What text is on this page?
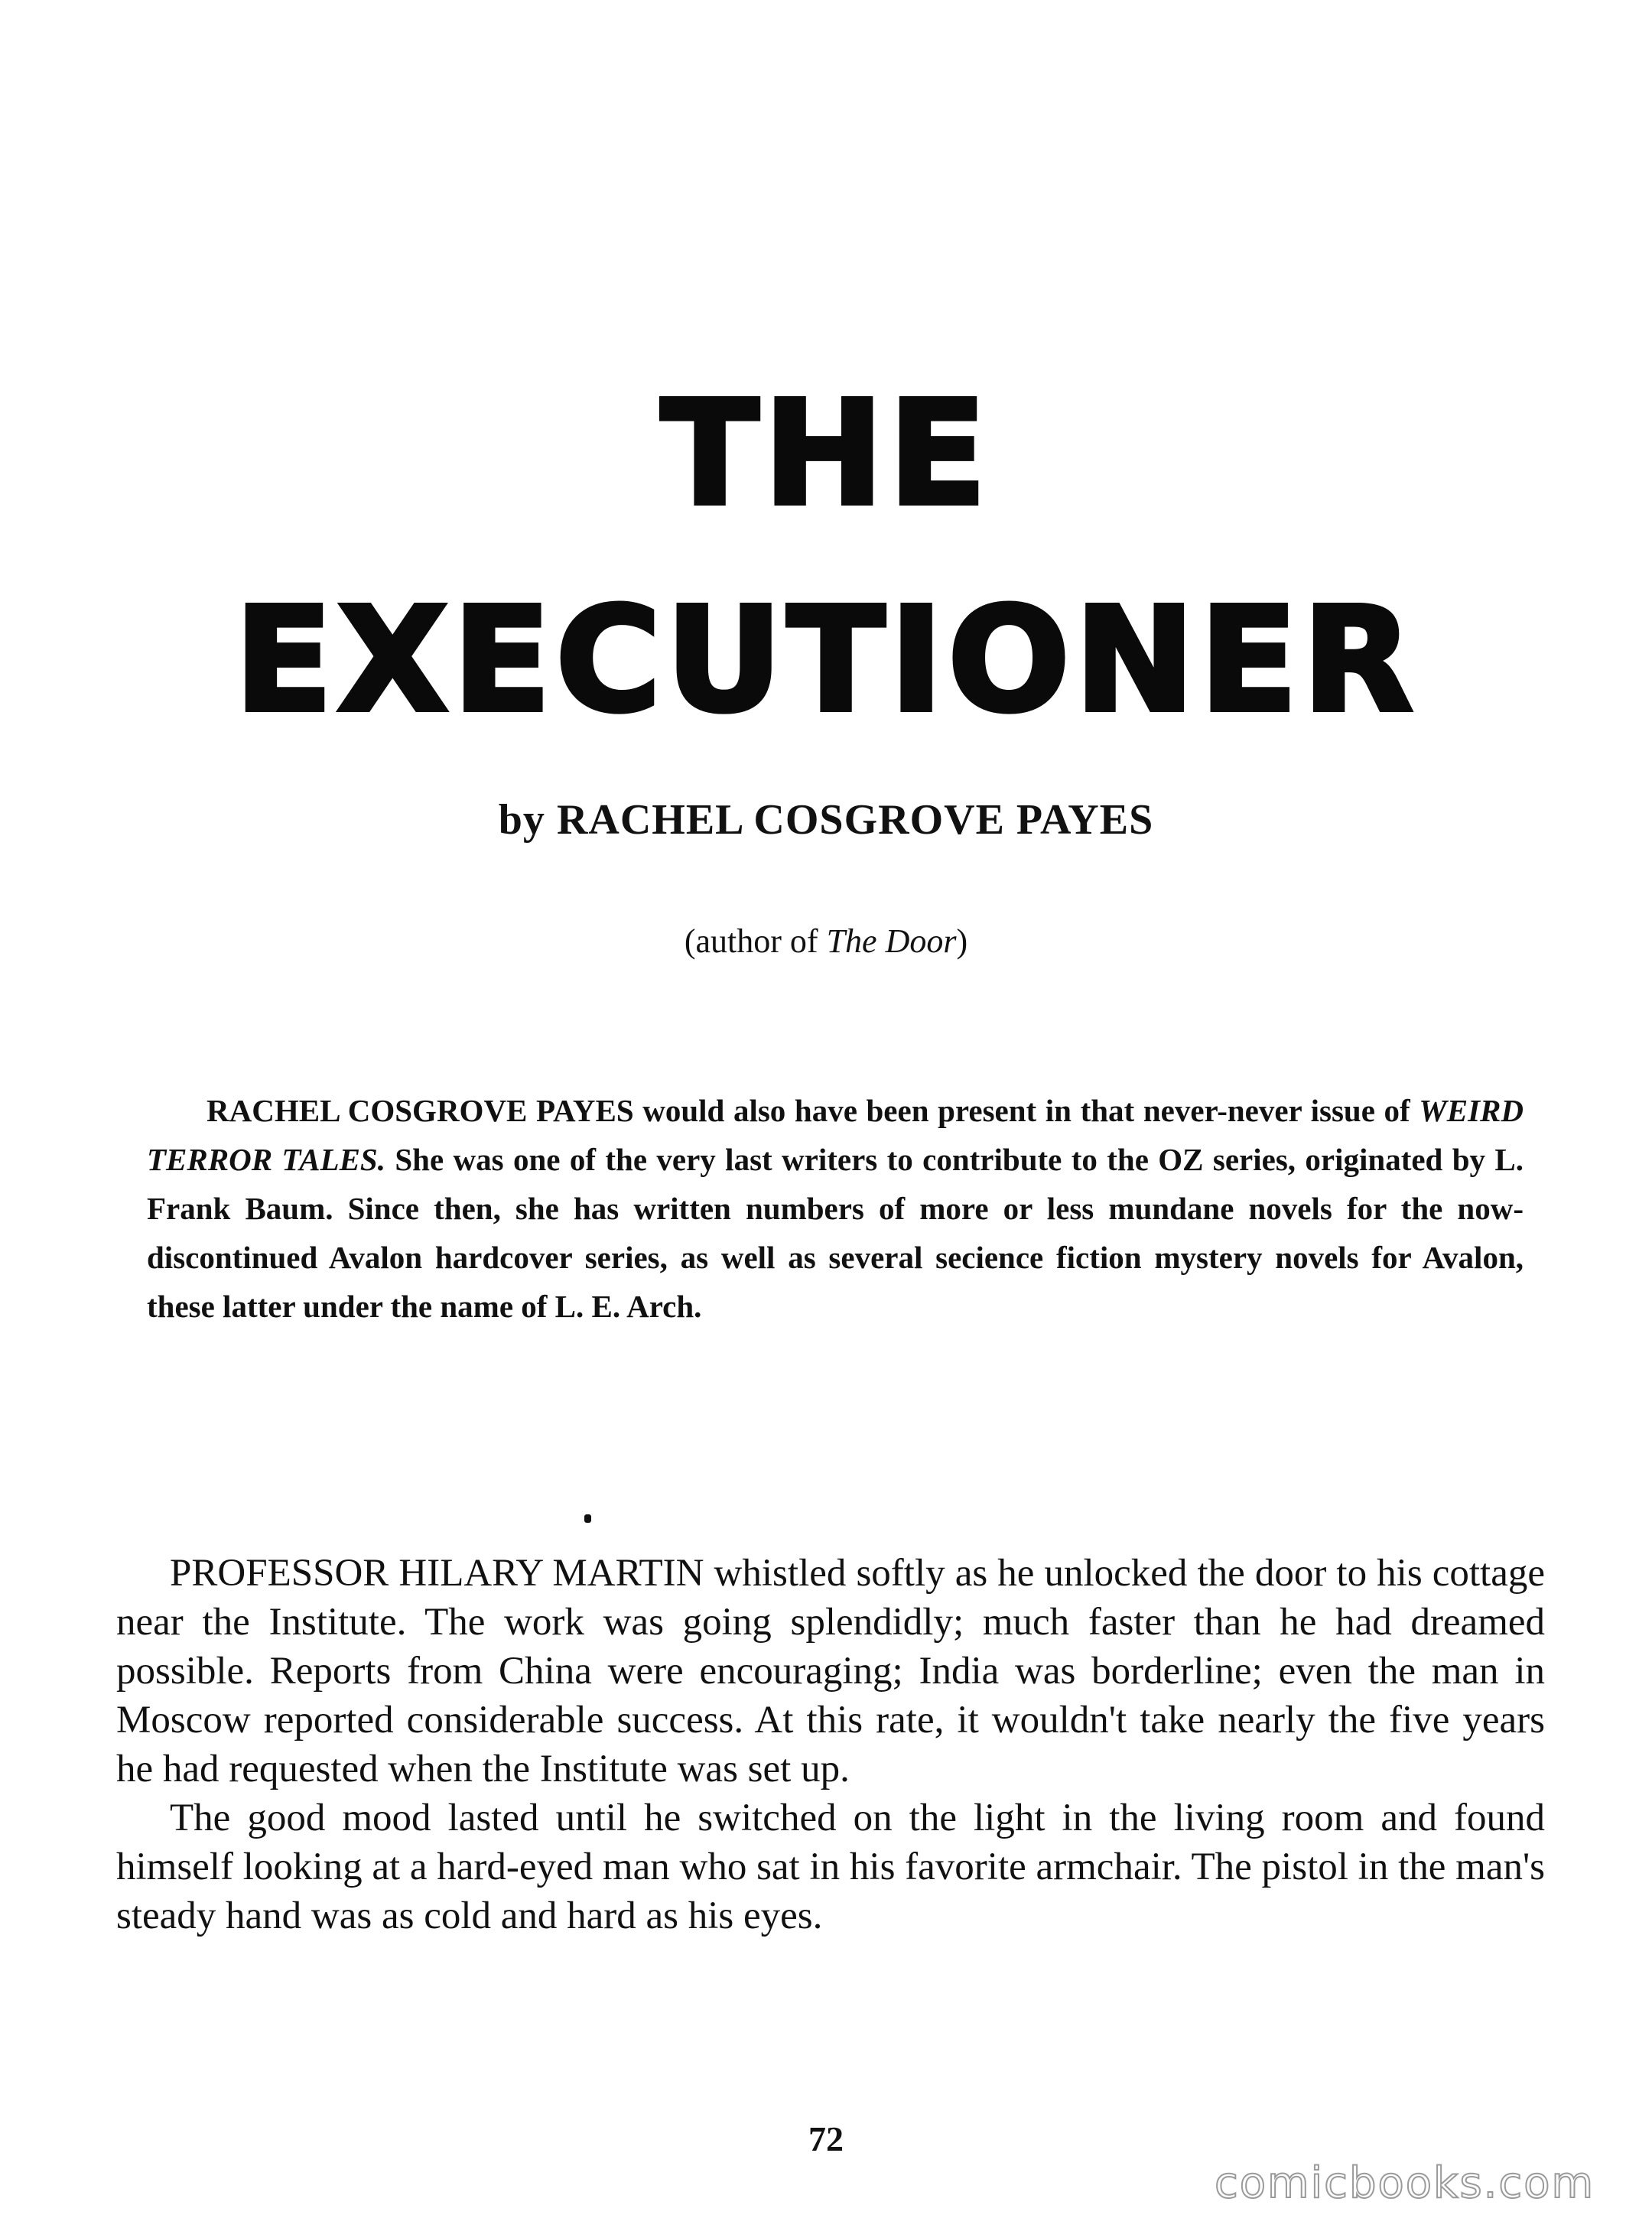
THE
EXECUTIONER
by RACHEL COSGROVE PAYES
(author of The Door)

RACHEL COSGROVE PAYES would also have been present in that never-never issue of WEIRD TERROR TALES. She was one of the very last writers to contribute to the OZ series, originated by L. Frank Baum. Since then, she has written numbers of more or less mundane novels for the now-discontinued Avalon hardcover series, as well as several secience fiction mystery novels for Avalon, these latter under the name of L. E. Arch.

PROFESSOR HILARY MARTIN whistled softly as he unlocked the door to his cottage near the Institute. The work was going splendidly; much faster than he had dreamed possible. Reports from China were encouraging; India was borderline; even the man in Moscow reported considerable success. At this rate, it wouldn't take nearly the five years he had requested when the Institute was set up.

The good mood lasted until he switched on the light in the living room and found himself looking at a hard-eyed man who sat in his favorite armchair. The pistol in the man's steady hand was as cold and hard as his eyes.

72
comicbooks.com
